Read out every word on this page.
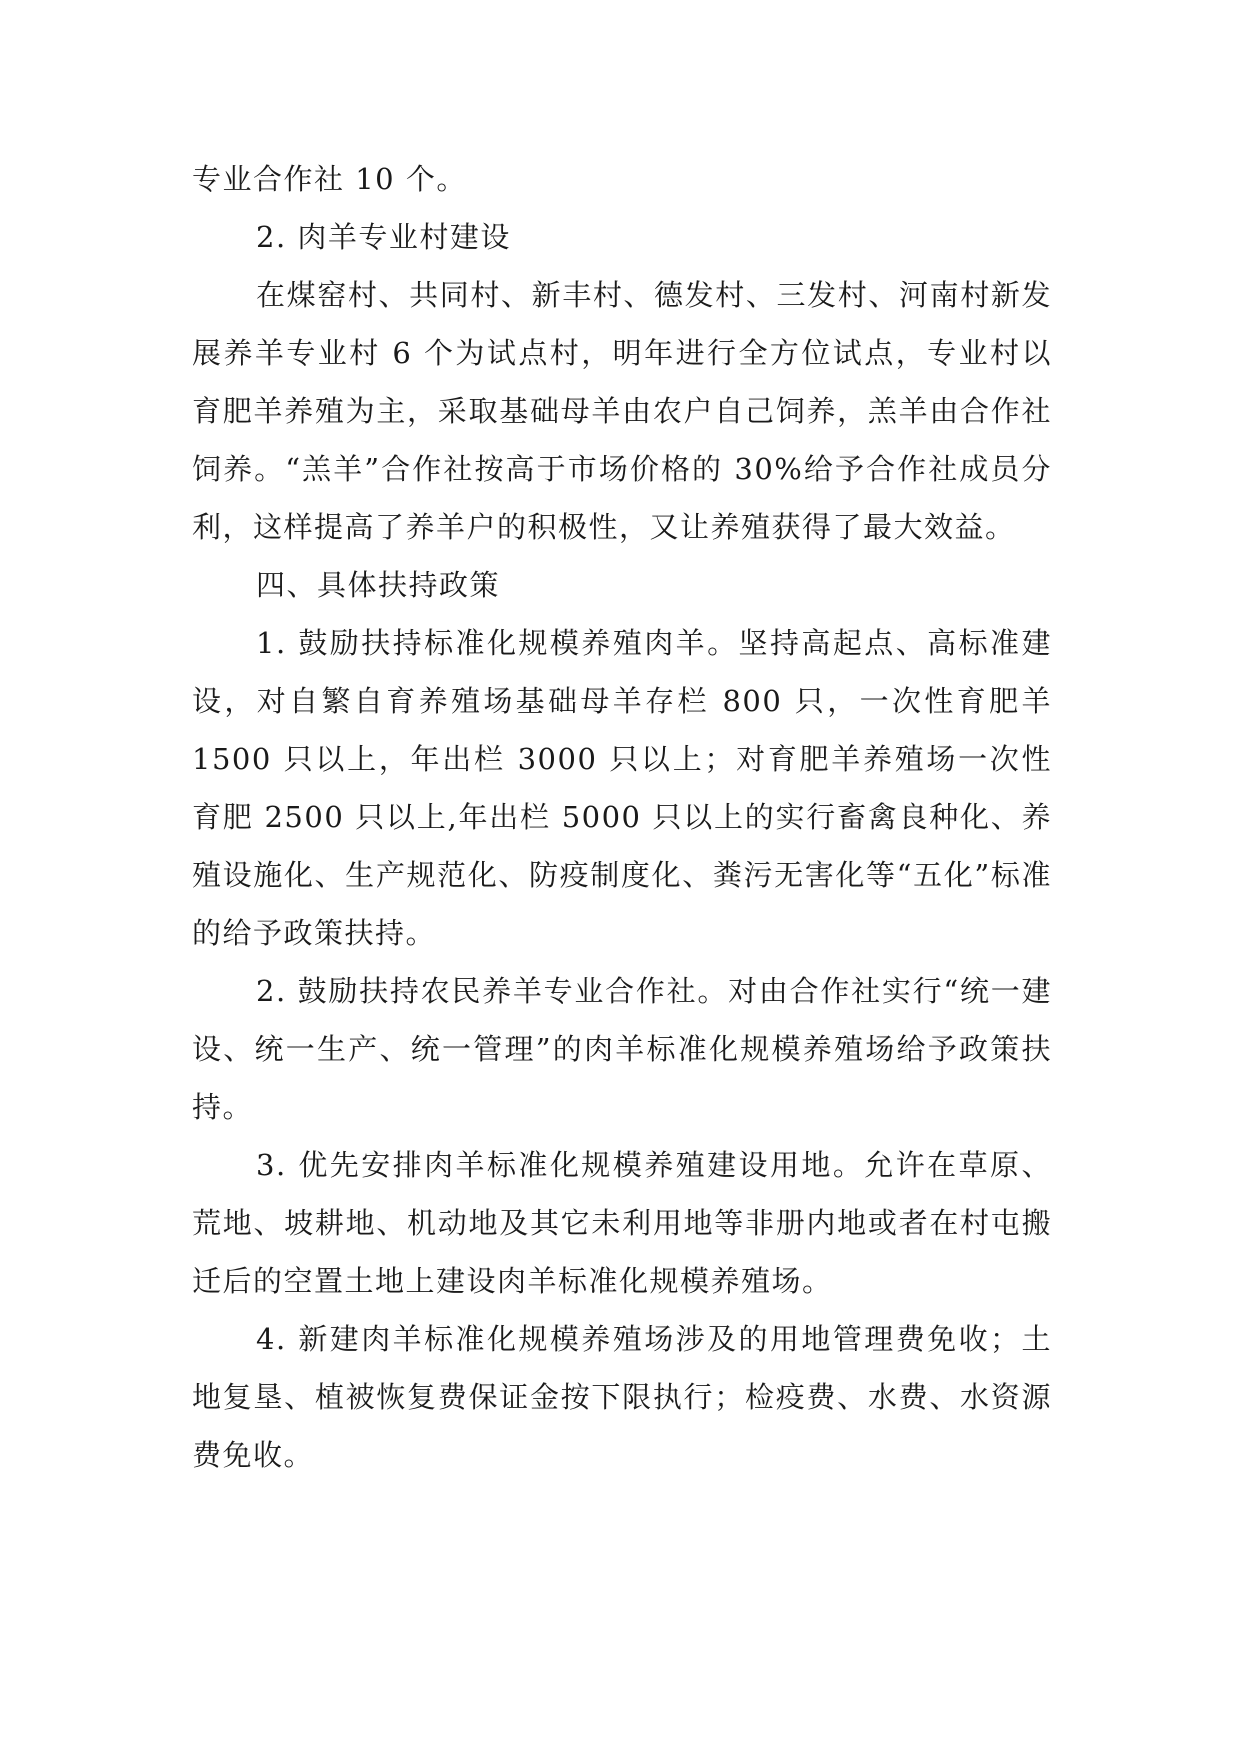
专业合作社 10 个。

2. 肉羊专业村建设

在煤窑村、共同村、新丰村、德发村、三发村、河南村新发展养羊专业村 6 个为试点村，明年进行全方位试点，专业村以育肥羊养殖为主，采取基础母羊由农户自己饲养，羔羊由合作社饲养。“羔羊”合作社按高于市场价格的 30%给予合作社成员分利，这样提高了养羊户的积极性，又让养殖获得了最大效益。

四、具体扶持政策

1. 鼓励扶持标准化规模养殖肉羊。坚持高起点、高标准建设，对自繁自育养殖场基础母羊存栏 800 只，一次性育肥羊 1500 只以上，年出栏 3000 只以上；对育肥羊养殖场一次性育肥 2500 只以上,年出栏 5000 只以上的实行畜禽良种化、养殖设施化、生产规范化、防疫制度化、粪污无害化等“五化”标准的给予政策扶持。

2. 鼓励扶持农民养羊专业合作社。对由合作社实行“统一建设、统一生产、统一管理”的肉羊标准化规模养殖场给予政策扶持。

3. 优先安排肉羊标准化规模养殖建设用地。允许在草原、荒地、坡耕地、机动地及其它未利用地等非册内地或者在村屯搬迁后的空置土地上建设肉羊标准化规模养殖场。

4. 新建肉羊标准化规模养殖场涉及的用地管理费免收；土地复垦、植被恢复费保证金按下限执行；检疫费、水费、水资源费免收。
